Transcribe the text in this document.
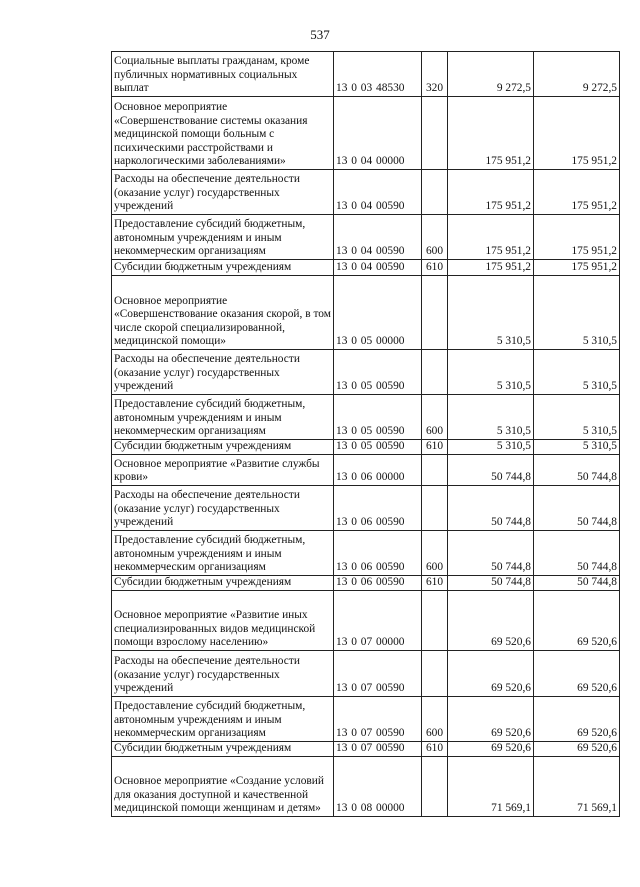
537
Социальные выплаты гражданам, кроме публичных нормативных социальных выплат	13 0 03 48530	320	9 272,5	9 272,5
Основное мероприятие «Совершенствование системы оказания медицинской помощи больным с психическими расстройствами и наркологическими заболеваниями»	13 0 04 00000		175 951,2	175 951,2
Расходы на обеспечение деятельности (оказание услуг) государственных учреждений	13 0 04 00590		175 951,2	175 951,2
Предоставление субсидий бюджетным, автономным учреждениям и иным некоммерческим организациям	13 0 04 00590	600	175 951,2	175 951,2
Субсидии бюджетным учреждениям	13 0 04 00590	610	175 951,2	175 951,2
Основное мероприятие «Совершенствование оказания скорой, в том числе скорой специализированной, медицинской помощи»	13 0 05 00000		5 310,5	5 310,5
Расходы на обеспечение деятельности (оказание услуг) государственных учреждений	13 0 05 00590		5 310,5	5 310,5
Предоставление субсидий бюджетным, автономным учреждениям и иным некоммерческим организациям	13 0 05 00590	600	5 310,5	5 310,5
Субсидии бюджетным учреждениям	13 0 05 00590	610	5 310,5	5 310,5
Основное мероприятие «Развитие службы крови»	13 0 06 00000		50 744,8	50 744,8
Расходы на обеспечение деятельности (оказание услуг) государственных учреждений	13 0 06 00590		50 744,8	50 744,8
Предоставление субсидий бюджетным, автономным учреждениям и иным некоммерческим организациям	13 0 06 00590	600	50 744,8	50 744,8
Субсидии бюджетным учреждениям	13 0 06 00590	610	50 744,8	50 744,8
Основное мероприятие «Развитие иных специализированных видов медицинской помощи взрослому населению»	13 0 07 00000		69 520,6	69 520,6
Расходы на обеспечение деятельности (оказание услуг) государственных учреждений	13 0 07 00590		69 520,6	69 520,6
Предоставление субсидий бюджетным, автономным учреждениям и иным некоммерческим организациям	13 0 07 00590	600	69 520,6	69 520,6
Субсидии бюджетным учреждениям	13 0 07 00590	610	69 520,6	69 520,6
Основное мероприятие «Создание условий для оказания доступной и качественной медицинской помощи женщинам и детям»	13 0 08 00000		71 569,1	71 569,1
